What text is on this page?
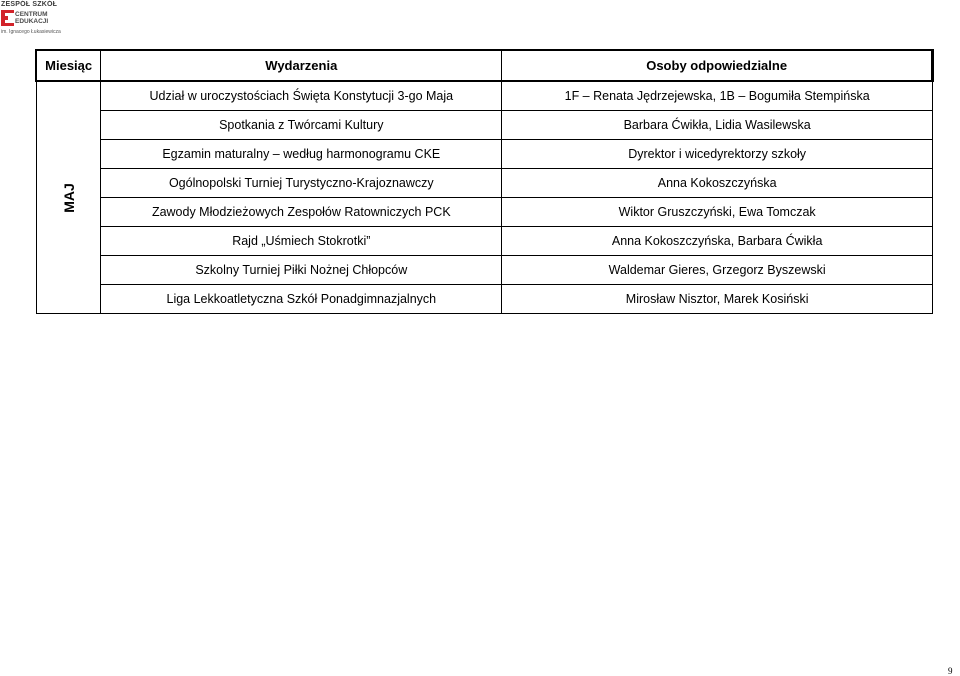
ZESPÓŁ SZKÓŁ
CENTRUM
EDUKACJI
im. Ignacego Łukasiewicza
Miesiąc	Wydarzenia	Osoby odpowiedzialne
MAJ	Udział w uroczystościach Święta Konstytucji 3-go Maja	1F – Renata Jędrzejewska, 1B – Bogumiła Stempińska
	Spotkania z Twórcami Kultury	Barbara Ćwikła, Lidia Wasilewska
	Egzamin maturalny – według harmonogramu CKE	Dyrektor i wicedyrektorzy szkoły
	Ogólnopolski Turniej Turystyczno-Krajoznawczy	Anna Kokoszczyńska
	Zawody Młodzieżowych Zespołów Ratowniczych PCK	Wiktor Gruszczyński, Ewa Tomczak
	Rajd „Uśmiech Stokrotki”	Anna Kokoszczyńska, Barbara Ćwikła
	Szkolny Turniej Piłki Nożnej Chłopców	Waldemar Gieres, Grzegorz Byszewski
	Liga Lekkoatletyczna Szkół Ponadgimnazjalnych	Mirosław Nisztor, Marek Kosiński
9
